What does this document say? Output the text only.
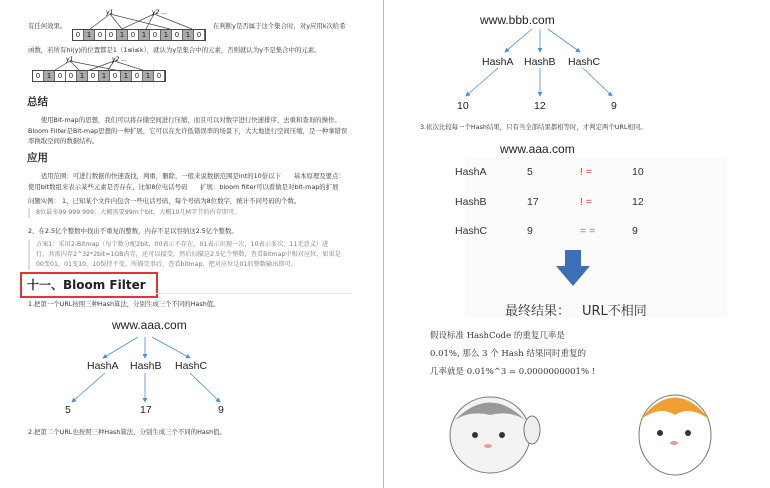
有任何效果。
y1	y2 ...
0 1 0 0 1 0 1 0 1 0 1 0
在判断y是否属于这个集合时，对y应用k次哈希
函数，若所有hi(y)的位置都是1（1≤i≤k），就认为y是集合中的元素，否则就认为y不是集合中的元素。
y1	y2 ...
0 1 0 0 1 0 1 0 1 0 1 0
总结
　　使用Bit-map的思想，我们可以将存储空间进行压缩，而且可以对数字进行快速排序、去重和查询的操作。
Bloom Fliter是Bit-map思想的一种扩展，它可以在允许低错误率的场景下，大大地进行空间压缩，是一种拿错误
率换取空间的数据结构。
应用
　　适用范围：可进行数据的快速查找，判重，删除，一般来说数据范围是int的10倍以下　　基本原理及要点：
使用bit数组来表示某些元素是否存在，比如8位电话号码　　扩展：bloom filter可以看做是对bit-map的扩展
问题实例： 1、已知某个文件内包含一些电话号码，每个号码为8位数字，统计不同号码的个数。
8位最多99 999 999，大概需要99m个bit，大概10几M字节的内存即可。
2、在2.5亿个整数中找出不重复的整数，内存不足以容纳这2.5亿个整数。
方案1：采用2-Bitmap（每个数分配2bit，00表示不存在，01表示出现一次，10表示多次，11无意义）进
行，共需内存2^32*2bit=1GB内存，还可以接受。然后扫描这2.5亿个整数，查看Bitmap中相对应位，如果是
00变01，01变10，10保持不变。所描完事后，查看bitmap，把对应位是01的整数输出即可。
十一、Bloom Filter
1.把第一个URL按照三种Hash算法，分别生成三个不同的Hash值。
www.aaa.com
HashA HashB HashC
5	17	9
2.把第二个URL也按照三种Hash算法，分别生成三个不同的Hash值。
www.bbb.com
HashA HashB HashC
10	12	9
3.依次比较每一个Hash结果，只有当全部结果都相等时，才判定两个URL相同。
www.aaa.com
HashA	5	! =	10
HashB	17	! =	12
HashC	9	= =	9
最终结果： URL不相同
假设标准 HashCode 的重复几率是
0.01%, 那么 3 个 Hash 结果同时重复的
几率就是 0.01%^3 = 0.0000000001% !
